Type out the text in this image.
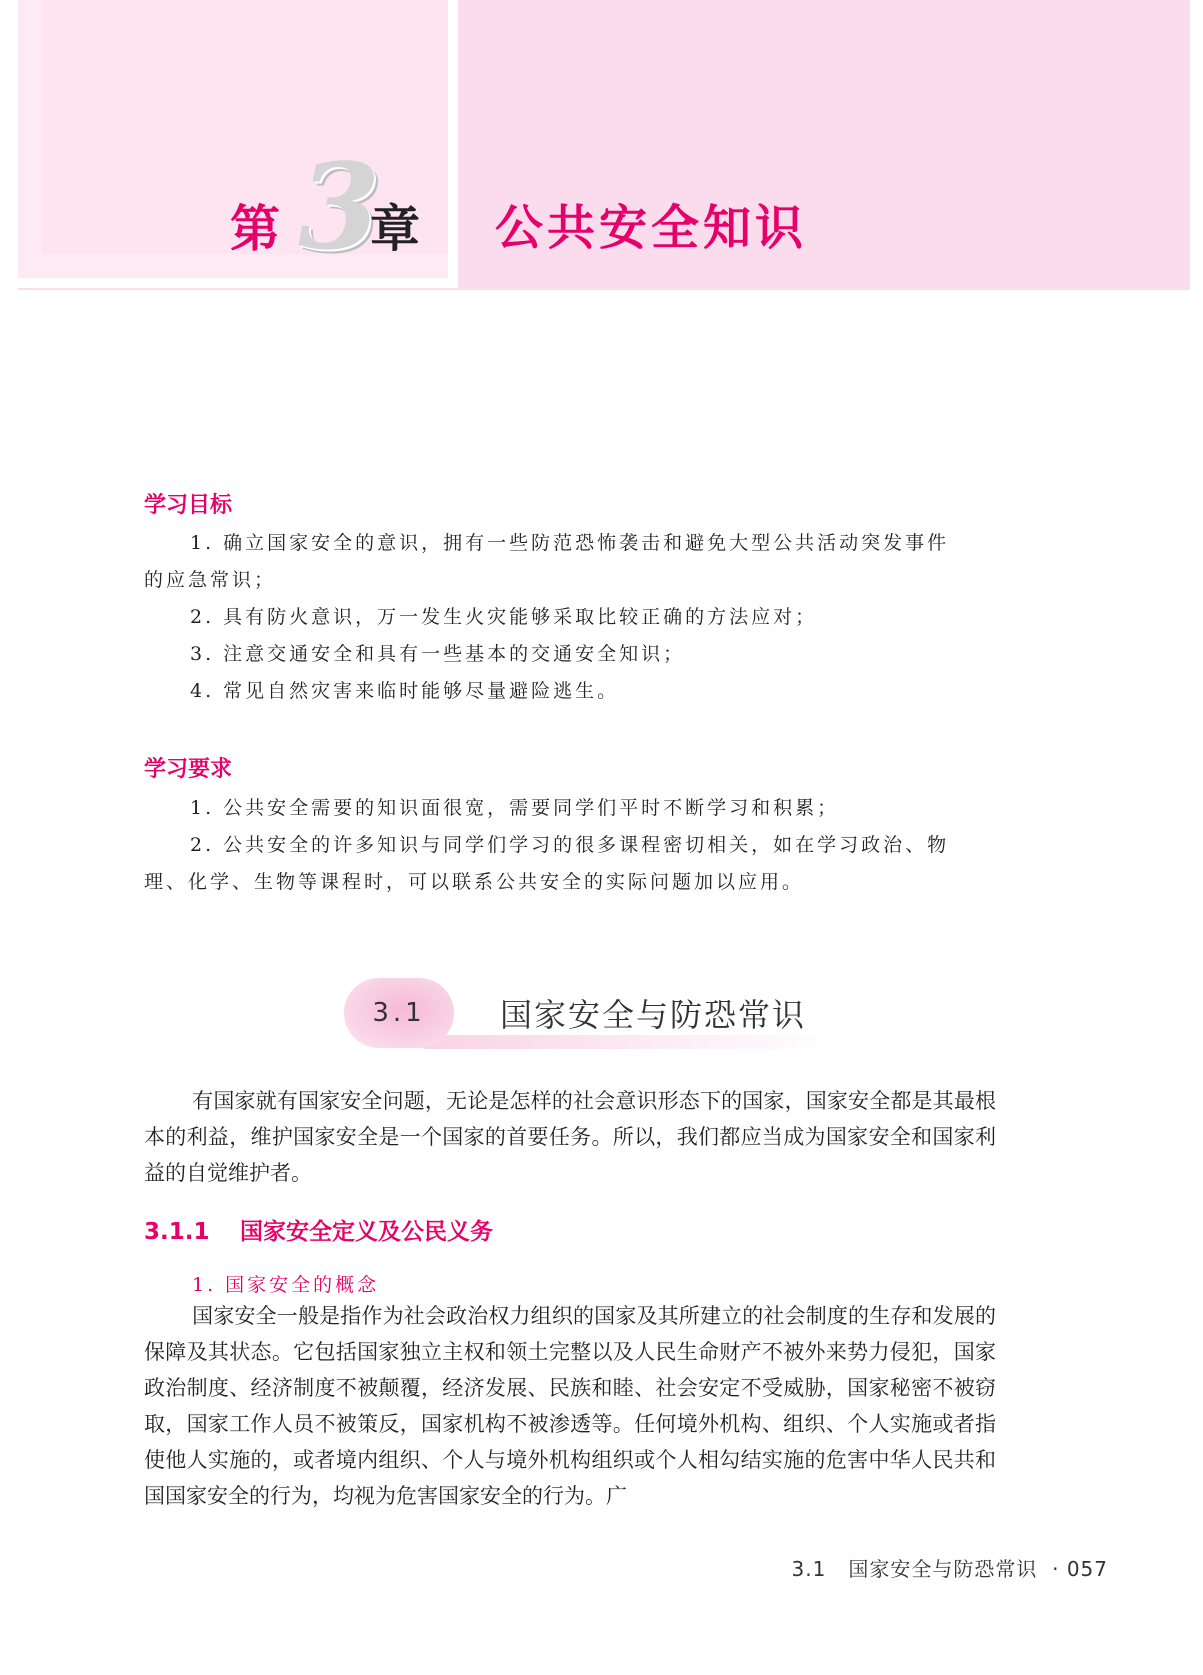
第 3
章 公共安全知识
学习目标
1. 确立国家安全的意识，拥有一些防范恐怖袭击和避免大型公共活动突发事件
的应急常识；
2. 具有防火意识，万一发生火灾能够采取比较正确的方法应对；
3. 注意交通安全和具有一些基本的交通安全知识；
4. 常见自然灾害来临时能够尽量避险逃生。
学习要求
1. 公共安全需要的知识面很宽，需要同学们平时不断学习和积累；
2. 公共安全的许多知识与同学们学习的很多课程密切相关，如在学习政治、物
理、化学、生物等课程时，可以联系公共安全的实际问题加以应用。
3.1	国家安全与防恐常识
有国家就有国家安全问题，无论是怎样的社会意识形态下的国家，国家安全都是其最根本的利益，维护国家安全是一个国家的首要任务。所以，我们都应当成为国家安全和国家利益的自觉维护者。
3.1.1 国家安全定义及公民义务
1. 国家安全的概念
国家安全一般是指作为社会政治权力组织的国家及其所建立的社会制度的生存和发展的保障及其状态。它包括国家独立主权和领土完整以及人民生命财产不被外来势力侵犯，国家政治制度、经济制度不被颠覆，经济发展、民族和睦、社会安定不受威胁，国家秘密不被窃取，国家工作人员不被策反，国家机构不被渗透等。任何境外机构、组织、个人实施或者指使他人实施的，或者境内组织、个人与境外机构组织或个人相勾结实施的危害中华人民共和国国家安全的行为，均视为危害国家安全的行为。广
3.1 国家安全与防恐常识 · 057
